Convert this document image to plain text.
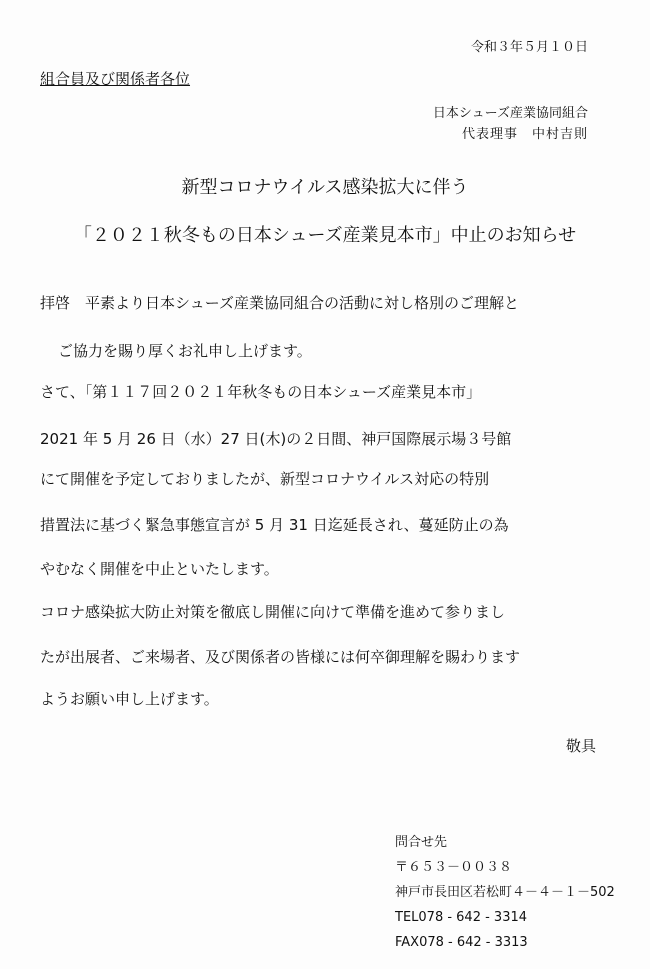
令和３年５月１０日
組合員及び関係者各位
日本シューズ産業協同組合
代表理事　中村吉則
新型コロナウイルス感染拡大に伴う
「２０２１秋冬もの日本シューズ産業見本市」中止のお知らせ
拝啓　平素より日本シューズ産業協同組合の活動に対し格別のご理解と
ご協力を賜り厚くお礼申し上げます。
さて、「第１１７回２０２１年秋冬もの日本シューズ産業見本市」
2021 年 5 月 26 日（水）27 日(木)の２日間、神戸国際展示場３号館
にて開催を予定しておりましたが、新型コロナウイルス対応の特別
措置法に基づく緊急事態宣言が 5 月 31 日迄延長され、蔓延防止の為
やむなく開催を中止といたします。
コロナ感染拡大防止対策を徹底し開催に向けて準備を進めて参りまし
たが出展者、ご来場者、及び関係者の皆様には何卒御理解を賜わります
ようお願い申し上げます。
敬具
問合せ先
〒６５３－００３８
神戸市長田区若松町４－４－１－502
TEL078 - 642 - 3314
FAX078 - 642 - 3313
